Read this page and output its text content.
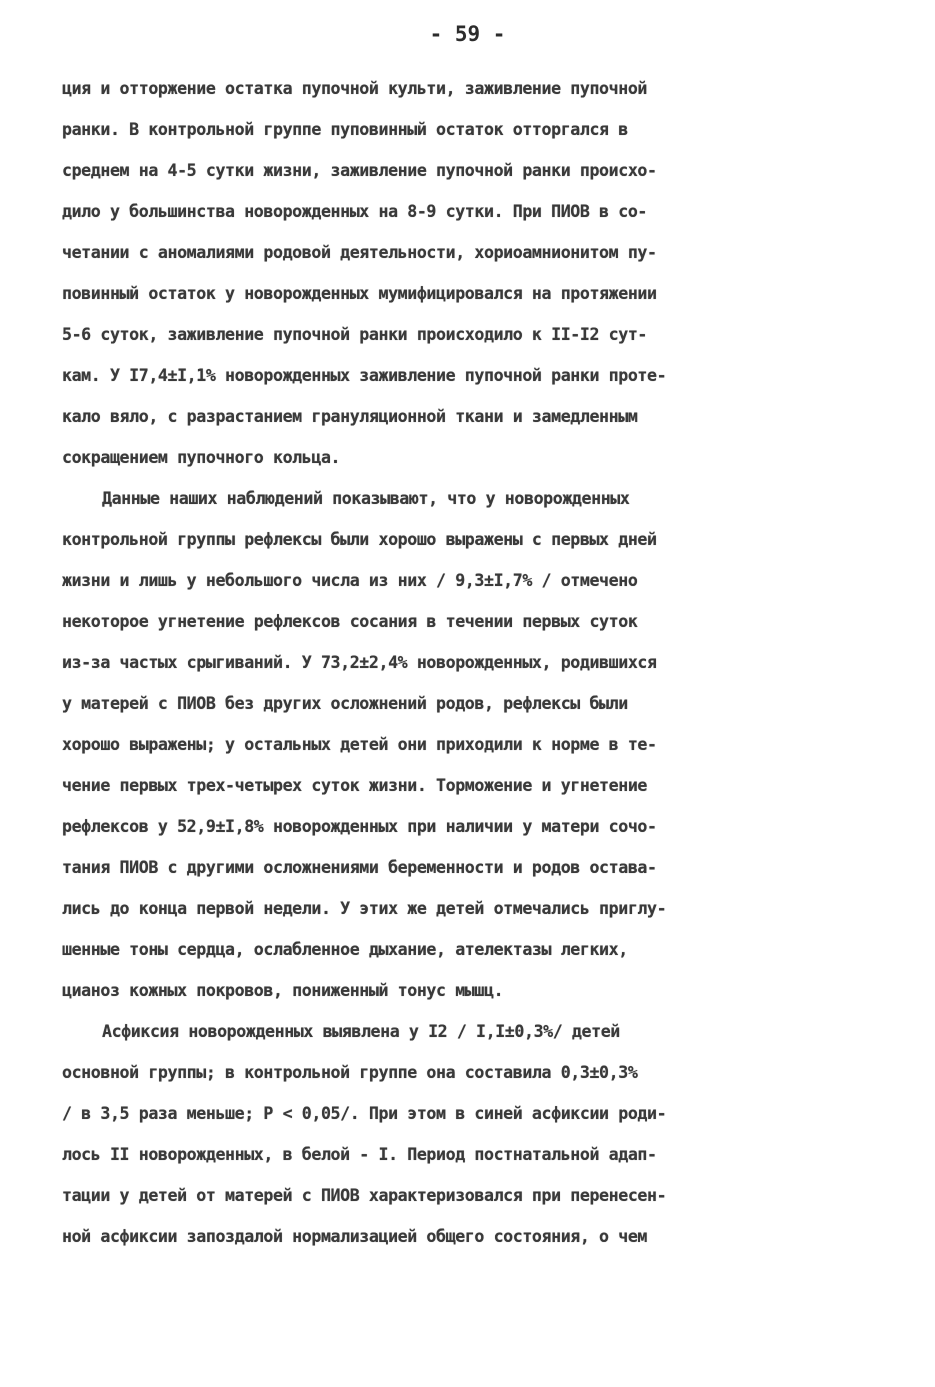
- 59 -
ция и отторжение остатка пупочной культи, заживление пупочной
ранки. В контрольной группе пуповинный остаток отторгался в
среднем на 4-5 сутки жизни, заживление пупочной ранки происхо-
дило у большинства новорожденных на 8-9 сутки. При ПИОВ в со-
четании с аномалиями родовой деятельности, хориоамнионитом пу-
повинный остаток у новорожденных мумифицировался на протяжении
5-6 суток, заживление пупочной ранки происходило к II-I2 сут-
кам. У I7,4±I,1% новорожденных заживление пупочной ранки проте-
кало вяло, с разрастанием грануляционной ткани и замедленным
сокращением пупочного кольца.
Данные наших наблюдений показывают, что у новорожденных
контрольной группы рефлексы были хорошо выражены с первых дней
жизни и лишь у небольшого числа из них / 9,3±I,7% / отмечено
некоторое угнетение рефлексов сосания в течении первых суток
из-за частых срыгиваний. У 73,2±2,4% новорожденных, родившихся
у матерей с ПИОВ без других осложнений родов, рефлексы были
хорошо выражены; у остальных детей они приходили к норме в те-
чение первых трех-четырех суток жизни. Торможение и угнетение
рефлексов у 52,9±I,8% новорожденных при наличии у матери сочо-
тания ПИОВ с другими осложнениями беременности и родов остава-
лись до конца первой недели. У этих же детей отмечались приглу-
шенные тоны сердца, ослабленное дыхание, ателектазы легких,
цианоз кожных покровов, пониженный тонус мышц.
Асфиксия новорожденных выявлена у I2 / I,I±0,3%/ детей
основной группы; в контрольной группе она составила 0,3±0,3%
/ в 3,5 раза меньше; Р < 0,05/. При этом в синей асфиксии роди-
лось II новорожденных, в белой - I. Период постнатальной адап-
тации у детей от матерей с ПИОВ характеризовался при перенесен-
ной асфиксии запоздалой нормализацией общего состояния, о чем
